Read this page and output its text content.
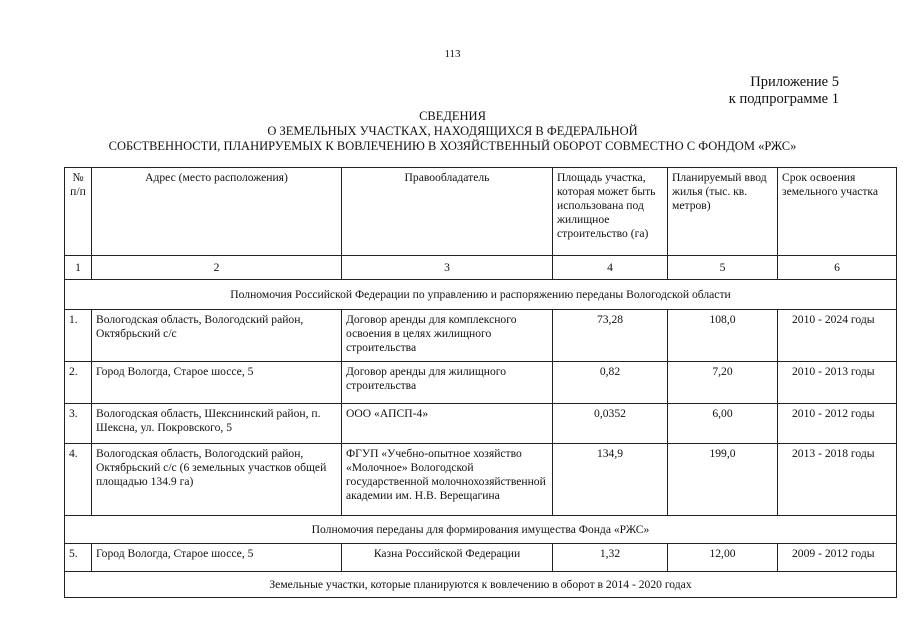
113
Приложение 5
к подпрограмме 1
СВЕДЕНИЯ
О ЗЕМЕЛЬНЫХ УЧАСТКАХ, НАХОДЯЩИХСЯ В ФЕДЕРАЛЬНОЙ
СОБСТВЕННОСТИ, ПЛАНИРУЕМЫХ К ВОВЛЕЧЕНИЮ В ХОЗЯЙСТВЕННЫЙ ОБОРОТ СОВМЕСТНО С ФОНДОМ «РЖС»
№ п/п	Адрес (место расположения)	Правообладатель	Площадь участка, которая может быть использована под жилищное строительство (га)	Планируемый ввод жилья (тыс. кв. метров)	Срок освоения земельного участка
1	2	3	4	5	6
Полномочия Российской Федерации по управлению и распоряжению переданы Вологодской области					
1.	Вологодская область, Вологодский район, Октябрьский с/с	Договор аренды для комплексного освоения в целях жилищного строительства	73,28	108,0	2010 - 2024 годы
2.	Город Вологда, Старое шоссе, 5	Договор аренды для жилищного строительства	0,82	7,20	2010 - 2013 годы
3.	Вологодская область, Шекснинский район, п. Шексна, ул. Покровского, 5	ООО «АПСП-4»	0,0352	6,00	2010 - 2012 годы
4.	Вологодская область, Вологодский район, Октябрьский с/с (6 земельных участков общей площадью 134.9 га)	ФГУП «Учебно-опытное хозяйство «Молочное» Вологодской государственной молочнохозяйственной академии им. Н.В. Верещагина	134,9	199,0	2013 - 2018 годы
Полномочия переданы для формирования имущества Фонда «РЖС»					
5.	Город Вологда, Старое шоссе, 5	Казна Российской Федерации	1,32	12,00	2009 - 2012 годы
Земельные участки, которые планируются к вовлечению в оборот в 2014 - 2020 годах					
